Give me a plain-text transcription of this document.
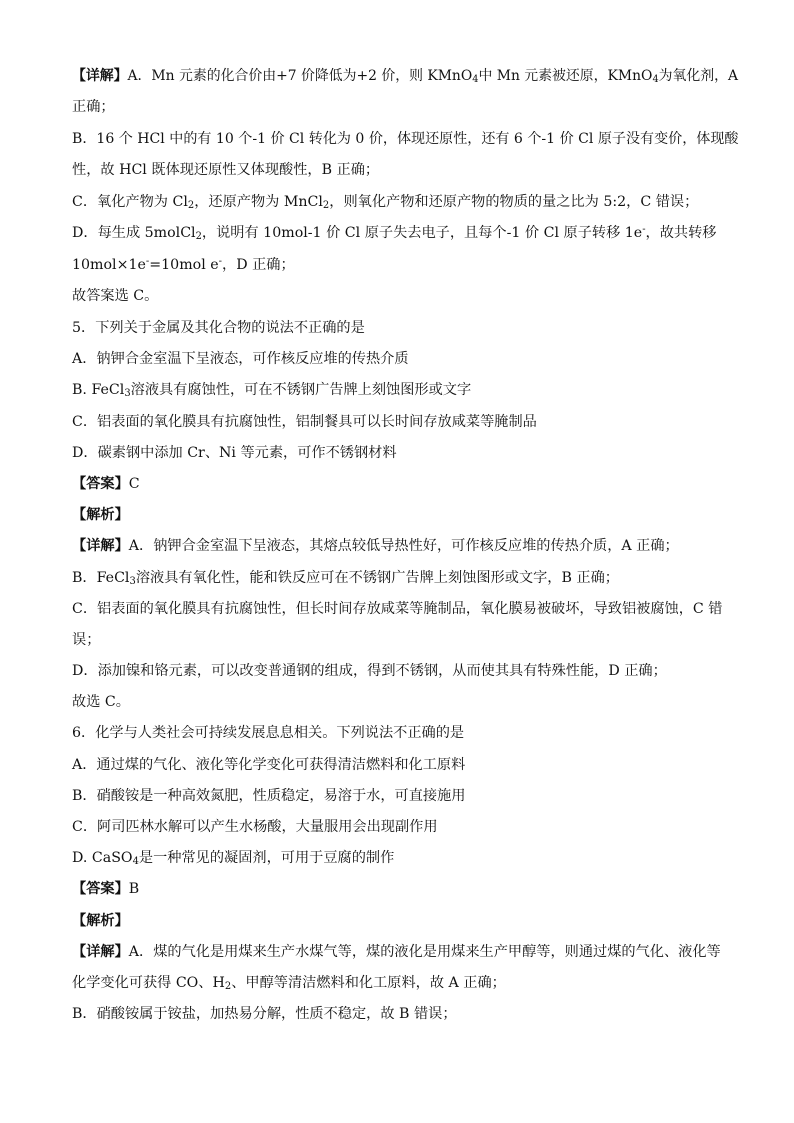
【详解】A．Mn 元素的化合价由+7 价降低为+2 价，则 KMnO$_4$中 Mn 元素被还原，KMnO$_4$为氧化剂，A
正确；
B．16 个 HCl 中的有 10 个-1 价 Cl 转化为 0 价，体现还原性，还有 6 个-1 价 Cl 原子没有变价，体现酸
性，故 HCl 既体现还原性又体现酸性，B 正确；
C．氧化产物为 $Cl_2$，还原产物为 MnCl$_2$，则氧化产物和还原产物的物质的量之比为 5:2，C 错误；
D．每生成 5molCl$_2$，说明有 10mol-1 价 Cl 原子失去电子，且每个-1 价 Cl 原子转移 1e-，故共转移
10mol×1e-=10mol e-，D 正确；
故答案选 C。
5．下列关于金属及其化合物的说法不正确的是
A．钠钾合金室温下呈液态，可作核反应堆的传热介质
B. FeCl$_3$溶液具有腐蚀性，可在不锈钢广告牌上刻蚀图形或文字
C．铝表面的氧化膜具有抗腐蚀性，铝制餐具可以长时间存放咸菜等腌制品
D．碳素钢中添加 Cr、Ni 等元素，可作不锈钢材料
【答案】C
【解析】
【详解】A．钠钾合金室温下呈液态，其熔点较低导热性好，可作核反应堆的传热介质，A 正确；
B．FeCl$_3$溶液具有氧化性，能和铁反应可在不锈钢广告牌上刻蚀图形或文字，B 正确；
C．铝表面的氧化膜具有抗腐蚀性，但长时间存放咸菜等腌制品，氧化膜易被破坏，导致铝被腐蚀，C 错
误；
D．添加镍和铬元素，可以改变普通钢的组成，得到不锈钢，从而使其具有特殊性能，D 正确；
故选 C。
6．化学与人类社会可持续发展息息相关。下列说法不正确的是
A．通过煤的气化、液化等化学变化可获得清洁燃料和化工原料
B．硝酸铵是一种高效氮肥，性质稳定，易溶于水，可直接施用
C．阿司匹林水解可以产生水杨酸，大量服用会出现副作用
D. CaSO$_4$是一种常见的凝固剂，可用于豆腐的制作
【答案】B
【解析】
【详解】A．煤的气化是用煤来生产水煤气等，煤的液化是用煤来生产甲醇等，则通过煤的气化、液化等
化学变化可获得 CO、$H_2$、甲醇等清洁燃料和化工原料，故 A 正确；
B．硝酸铵属于铵盐，加热易分解，性质不稳定，故 B 错误；
